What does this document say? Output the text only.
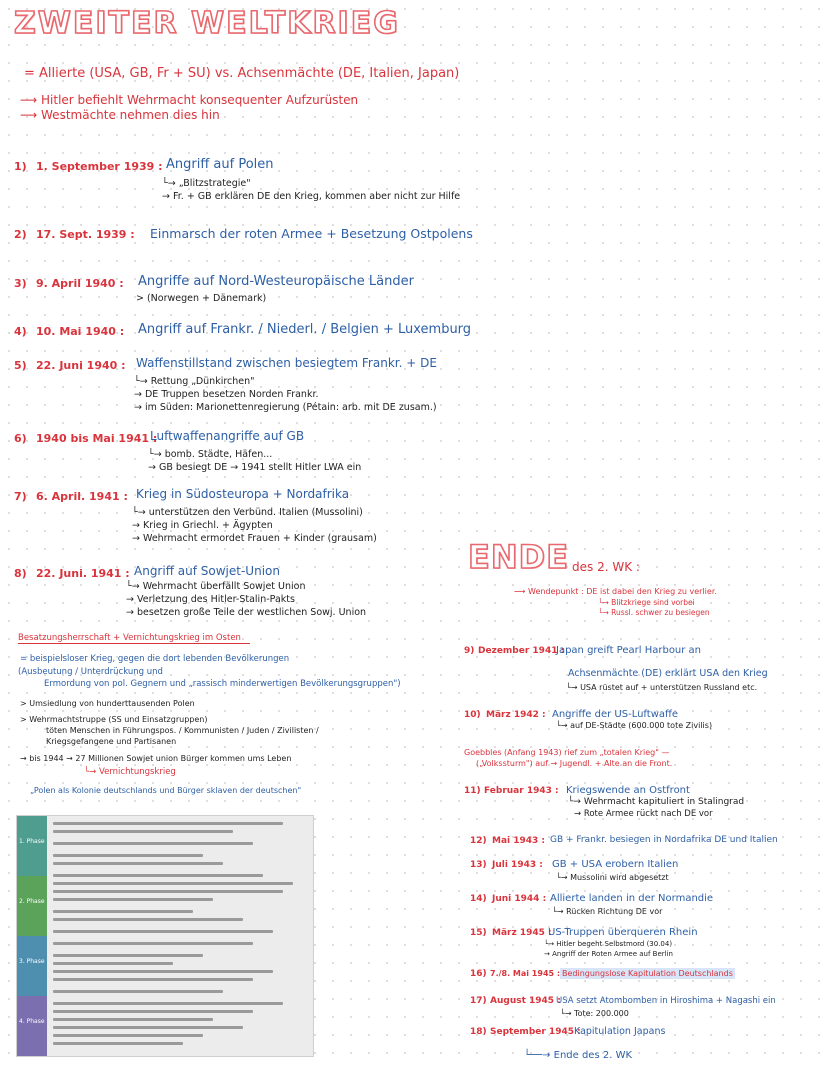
ZWEITER WELTKRIEG
= Allierte (USA, GB, Fr + SU) vs. Achsenmächte (DE, Italien, Japan)
⟶ Hitler befiehlt Wehrmacht konsequenter Aufzurüsten
⟶ Westmächte nehmen dies hin
1) 1. September 1939 : Angriff auf Polen
└→ „Blitzstrategie"
→ Fr. + GB erklären DE den Krieg, kommen aber nicht zur Hilfe
2) 17. Sept. 1939 : Einmarsch der roten Armee + Besetzung Ostpolens
3) 9. April 1940 : Angriffe auf Nord-Westeuropäische Länder
> (Norwegen + Dänemark)
4) 10. Mai 1940 : Angriff auf Frankr. / Niederl. / Belgien + Luxemburg
5) 22. Juni 1940 : Waffenstillstand zwischen besiegtem Frankr. + DE
└→ Rettung „Dünkirchen"
→ DE Truppen besetzen Norden Frankr.
→ im Süden: Marionettenregierung (Pétain: arb. mit DE zusam.)
6) 1940 bis Mai 1941 :
Luftwaffenangriffe auf GB
└→ bomb. Städte, Häfen...
→ GB besiegt DE → 1941 stellt Hitler LWA ein
7) 6. April. 1941 : Krieg in Südosteuropa + Nordafrika
└→ unterstützen den Verbünd. Italien (Mussolini)
→ Krieg in Griechl. + Ägypten
→ Wehrmacht ermordet Frauen + Kinder (grausam)
8) 22. Juni. 1941 : Angriff auf Sowjet-Union
└→ Wehrmacht überfällt Sowjet Union
→ Verletzung des Hitler-Stalin-Pakts
→ besetzen große Teile der westlichen Sowj. Union
Besatzungsherrschaft + Vernichtungskrieg im Osten
= beispielsloser Krieg, gegen die dort lebenden Bevölkerungen
(Ausbeutung / Unterdrückung und
Ermordung von pol. Gegnern und „rassisch minderwertigen Bevölkerungsgruppen")
> Umsiedlung von hunderttausenden Polen
> Wehrmachtstruppe (SS und Einsatzgruppen)
töten Menschen in Führungspos. / Kommunisten / Juden / Zivilisten /
Kriegsgefangene und Partisanen
→ bis 1944 → 27 Millionen Sowjet union Bürger kommen ums Leben
└→ Vernichtungskrieg
„Polen als Kolonie deutschlands und Bürger sklaven der deutschen"
1. Phase
2. Phase
3. Phase
4. Phase
ENDE des 2. WK :
⟶ Wendepunkt : DE ist dabei den Krieg zu verlier.
└→ Blitzkriege sind vorbei
└→ Russl. schwer zu besiegen
9) Dezember 1941 :
Japan greift Pearl Harbour an
Achsenmächte (DE) erklärt USA den Krieg
└→ USA rüstet auf + unterstützen Russland etc.
10) März 1942 : Angriffe der US-Luftwaffe
└→ auf DE-Städte (600.000 tote Zivilis)
Goebbles (Anfang 1943) rief zum „totalen Krieg" —
(„Volkssturm") auf → Jugendl. + Alte an die Front.
11) Februar 1943 : Kriegswende an Ostfront
└→ Wehrmacht kapituliert in Stalingrad
→ Rote Armee rückt nach DE vor
12) Mai 1943 : GB + Frankr. besiegen in Nordafrika DE und Italien
13) Juli 1943 : GB + USA erobern Italien
└→ Mussolini wird abgesetzt
14) Juni 1944 : Allierte landen in der Normandie
└→ Rücken Richtung DE vor
15) März 1945 :
US-Truppen überqueren Rhein
└→ Hitler begeht Selbstmord (30.04)
→ Angriff der Roten Armee auf Berlin
16) 7./8. Mai 1945 : Bedingungslose Kapitulation Deutschlands
17) August 1945 :
USA setzt Atombomben in Hiroshima + Nagashi ein
└→ Tote: 200.000
18) September 1945 :
Kapitulation Japans
└──→ Ende des 2. WK
